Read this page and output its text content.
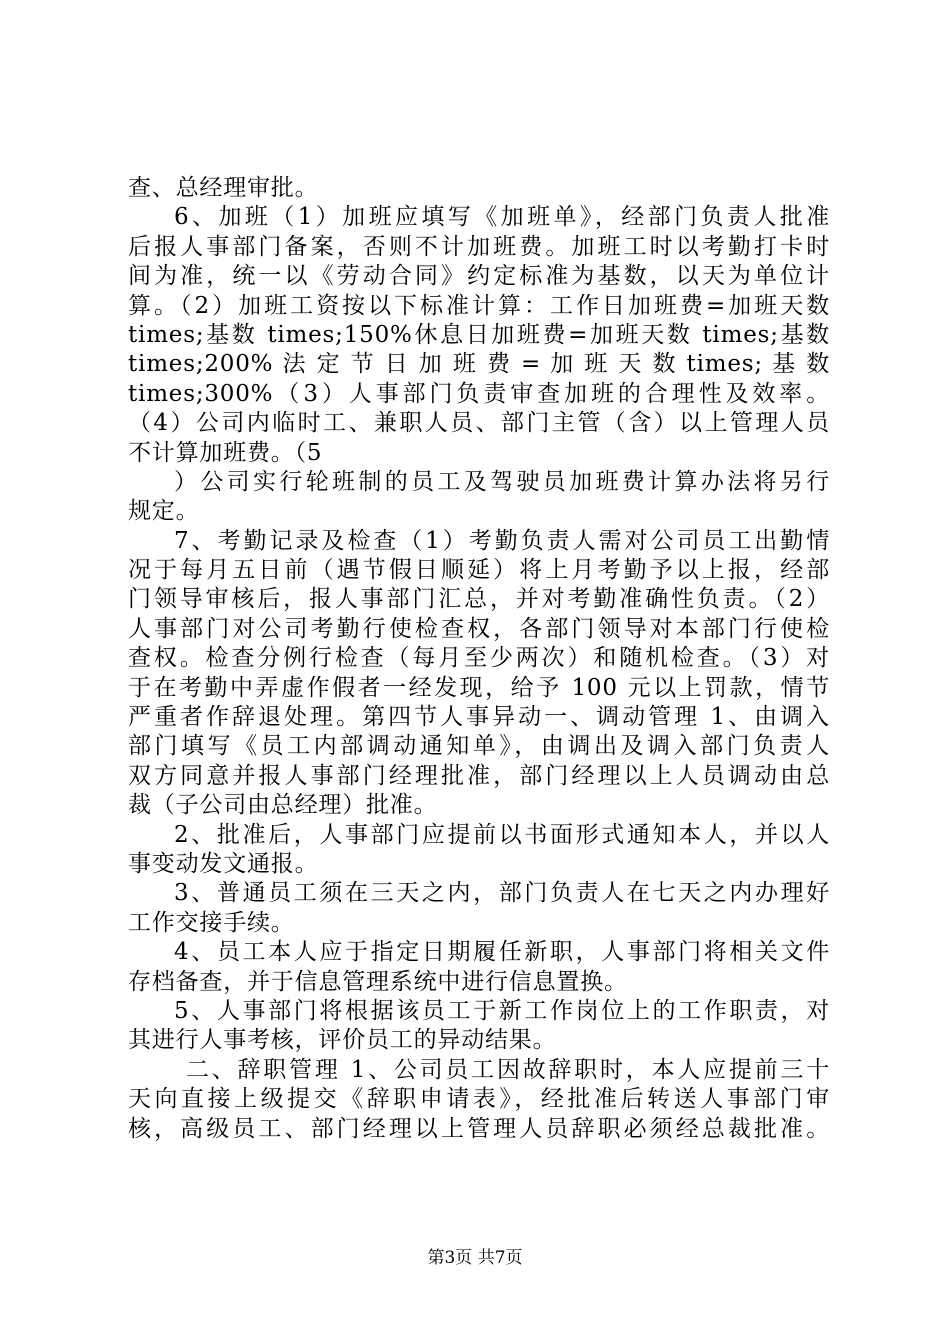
查、总经理审批。
6、加班（1）加班应填写《加班单》，经部门负责人批准
后报人事部门备案，否则不计加班费。加班工时以考勤打卡时
间为准，统一以《劳动合同》约定标准为基数，以天为单位计
算。（2）加班工资按以下标准计算：工作日加班费=加班天数
times;基数 times;150%休息日加班费=加班天数 times;基数
times;200% 法 定 节 日 加 班 费 = 加 班 天 数 times; 基 数
times;300%（3）人事部门负责审查加班的合理性及效率。
（4）公司内临时工、兼职人员、部门主管（含）以上管理人员
不计算加班费。（5
）公司实行轮班制的员工及驾驶员加班费计算办法将另行
规定。
7、考勤记录及检查（1）考勤负责人需对公司员工出勤情
况于每月五日前（遇节假日顺延）将上月考勤予以上报，经部
门领导审核后，报人事部门汇总，并对考勤准确性负责。（2）
人事部门对公司考勤行使检查权，各部门领导对本部门行使检
查权。检查分例行检查（每月至少两次）和随机检查。（3）对
于在考勤中弄虚作假者一经发现，给予 100 元以上罚款，情节
严重者作辞退处理。第四节人事异动一、调动管理 1、由调入
部门填写《员工内部调动通知单》，由调出及调入部门负责人
双方同意并报人事部门经理批准，部门经理以上人员调动由总
裁（子公司由总经理）批准。
2、批准后，人事部门应提前以书面形式通知本人，并以人
事变动发文通报。
3、普通员工须在三天之内，部门负责人在七天之内办理好
工作交接手续。
4、员工本人应于指定日期履任新职，人事部门将相关文件
存档备查，并于信息管理系统中进行信息置换。
5、人事部门将根据该员工于新工作岗位上的工作职责，对
其进行人事考核，评价员工的异动结果。
二、辞职管理 1、公司员工因故辞职时，本人应提前三十
天向直接上级提交《辞职申请表》，经批准后转送人事部门审
核，高级员工、部门经理以上管理人员辞职必须经总裁批准。
第3页 共7页
